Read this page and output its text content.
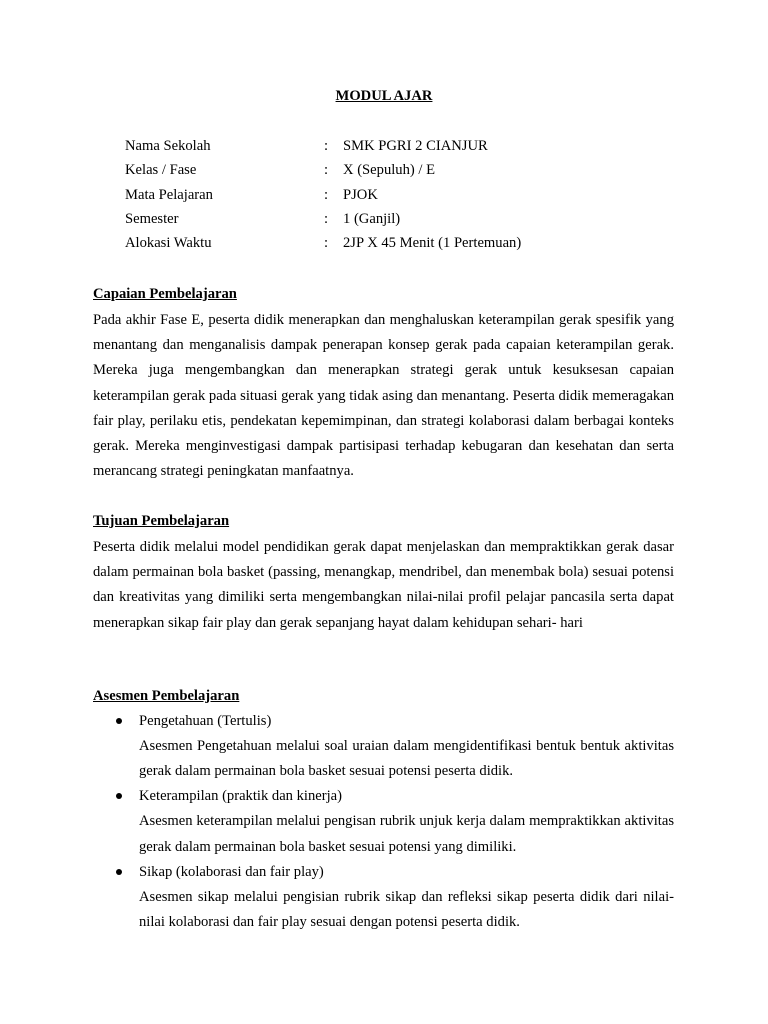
MODUL AJAR
Nama Sekolah	: SMK PGRI 2 CIANJUR
Kelas / Fase	: X (Sepuluh) / E
Mata Pelajaran	: PJOK
Semester	: 1 (Ganjil)
Alokasi Waktu	: 2JP X 45 Menit (1 Pertemuan)

Capaian Pembelajaran

Pada akhir Fase E, peserta didik menerapkan dan menghaluskan keterampilan gerak spesifik yang menantang dan menganalisis dampak penerapan konsep gerak pada capaian keterampilan gerak. Mereka juga mengembangkan dan menerapkan strategi gerak untuk kesuksesan capaian keterampilan gerak pada situasi gerak yang tidak asing dan menantang. Peserta didik memeragakan fair play, perilaku etis, pendekatan kepemimpinan, dan strategi kolaborasi dalam berbagai konteks gerak. Mereka menginvestigasi dampak partisipasi terhadap kebugaran dan kesehatan dan serta merancang strategi peningkatan manfaatnya.

Tujuan Pembelajaran

Peserta didik melalui model pendidikan gerak dapat menjelaskan dan mempraktikkan gerak dasar dalam permainan bola basket (passing, menangkap, mendribel, dan menembak bola) sesuai potensi dan kreativitas yang dimiliki serta mengembangkan nilai-nilai profil pelajar pancasila serta dapat menerapkan sikap fair play dan gerak sepanjang hayat dalam kehidupan sehari- hari

Asesmen Pembelajaran

Pengetahuan (Tertulis)
Asesmen Pengetahuan melalui soal uraian dalam mengidentifikasi bentuk bentuk aktivitas gerak dalam permainan bola basket sesuai potensi peserta didik.
Keterampilan (praktik dan kinerja)
Asesmen keterampilan melalui pengisan rubrik unjuk kerja dalam mempraktikkan aktivitas gerak dalam permainan bola basket sesuai potensi yang dimiliki.
Sikap (kolaborasi dan fair play)
Asesmen sikap melalui pengisian rubrik sikap dan refleksi sikap peserta didik dari nilai-nilai kolaborasi dan fair play sesuai dengan potensi peserta didik.
